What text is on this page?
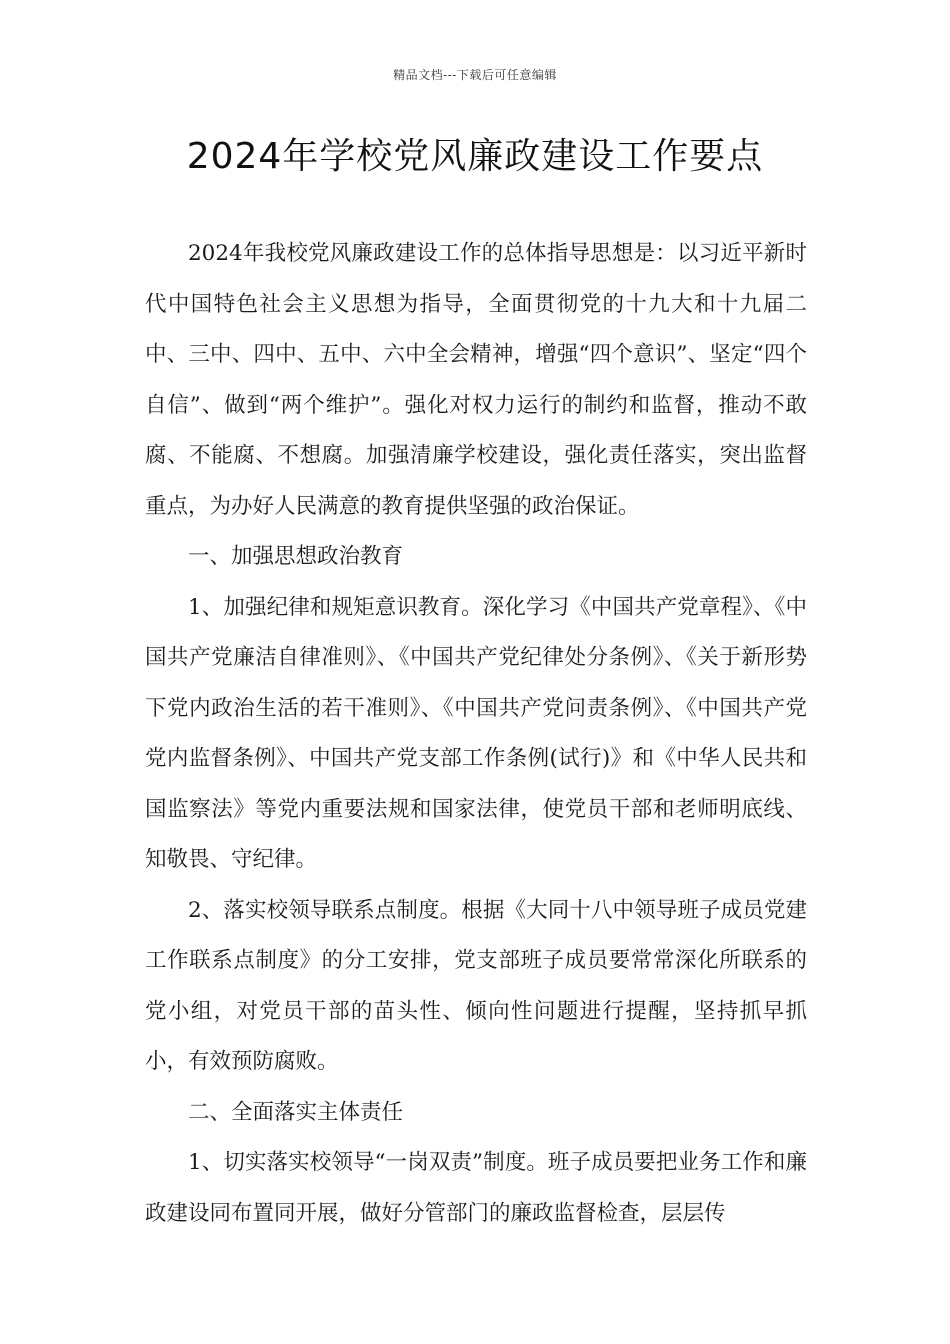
精品文档---下载后可任意编辑
2024年学校党风廉政建设工作要点

2024年我校党风廉政建设工作的总体指导思想是：以习近平新时代中国特色社会主义思想为指导，全面贯彻党的十九大和十九届二中、三中、四中、五中、六中全会精神，增强“四个意识”、坚定“四个自信”、做到“两个维护”。强化对权力运行的制约和监督，推动不敢腐、不能腐、不想腐。加强清廉学校建设，强化责任落实，突出监督重点，为办好人民满意的教育提供坚强的政治保证。

一、加强思想政治教育

1、加强纪律和规矩意识教育。深化学习《中国共产党章程》、《中国共产党廉洁自律准则》、《中国共产党纪律处分条例》、《关于新形势下党内政治生活的若干准则》、《中国共产党问责条例》、《中国共产党党内监督条例》、中国共产党支部工作条例(试行)》和《中华人民共和国监察法》等党内重要法规和国家法律，使党员干部和老师明底线、知敬畏、守纪律。

2、落实校领导联系点制度。根据《大同十八中领导班子成员党建工作联系点制度》的分工安排，党支部班子成员要常常深化所联系的党小组，对党员干部的苗头性、倾向性问题进行提醒，坚持抓早抓小，有效预防腐败。

二、全面落实主体责任

1、切实落实校领导“一岗双责”制度。班子成员要把业务工作和廉政建设同布置同开展，做好分管部门的廉政监督检查，层层传
